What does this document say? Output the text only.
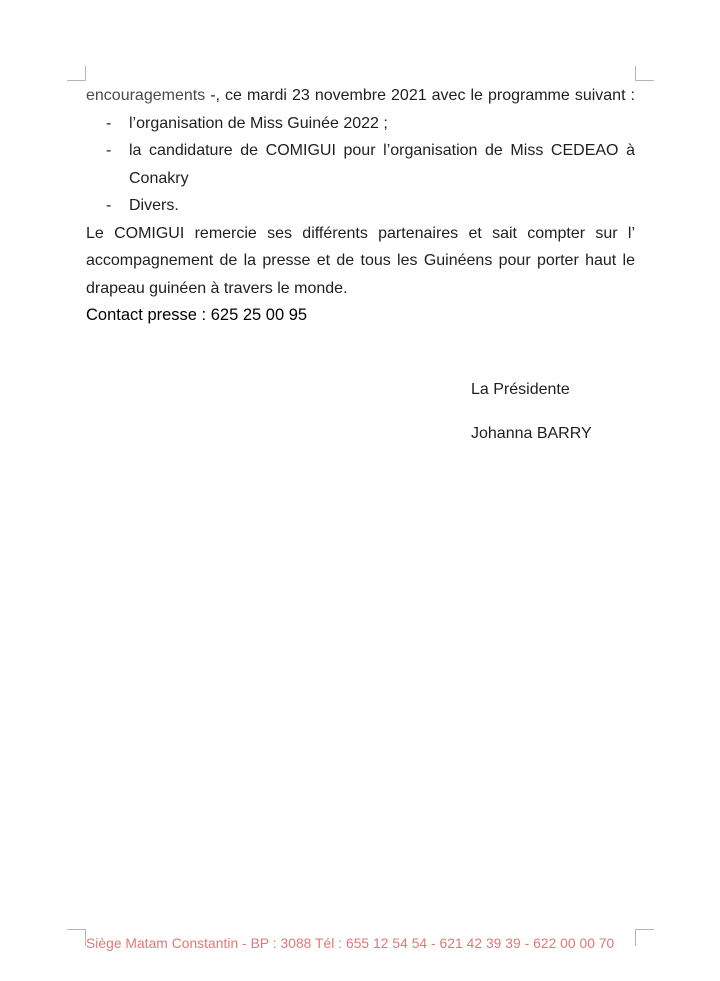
encouragements -, ce mardi 23 novembre 2021 avec le programme suivant :

- l’organisation de Miss Guinée 2022 ;
- la candidature de COMIGUI pour l’organisation de Miss CEDEAO à Conakry
- Divers.

Le COMIGUI remercie ses différents partenaires et sait compter sur l’ accompagnement de la presse et de tous les Guinéens pour porter haut le drapeau guinéen à travers le monde.

Contact presse : 625 25 00 95

La Présidente
Johanna BARRY
Siège Matam Constantin - BP : 3088 Tél : 655 12 54 54 - 621 42 39 39 - 622 00 00 70
